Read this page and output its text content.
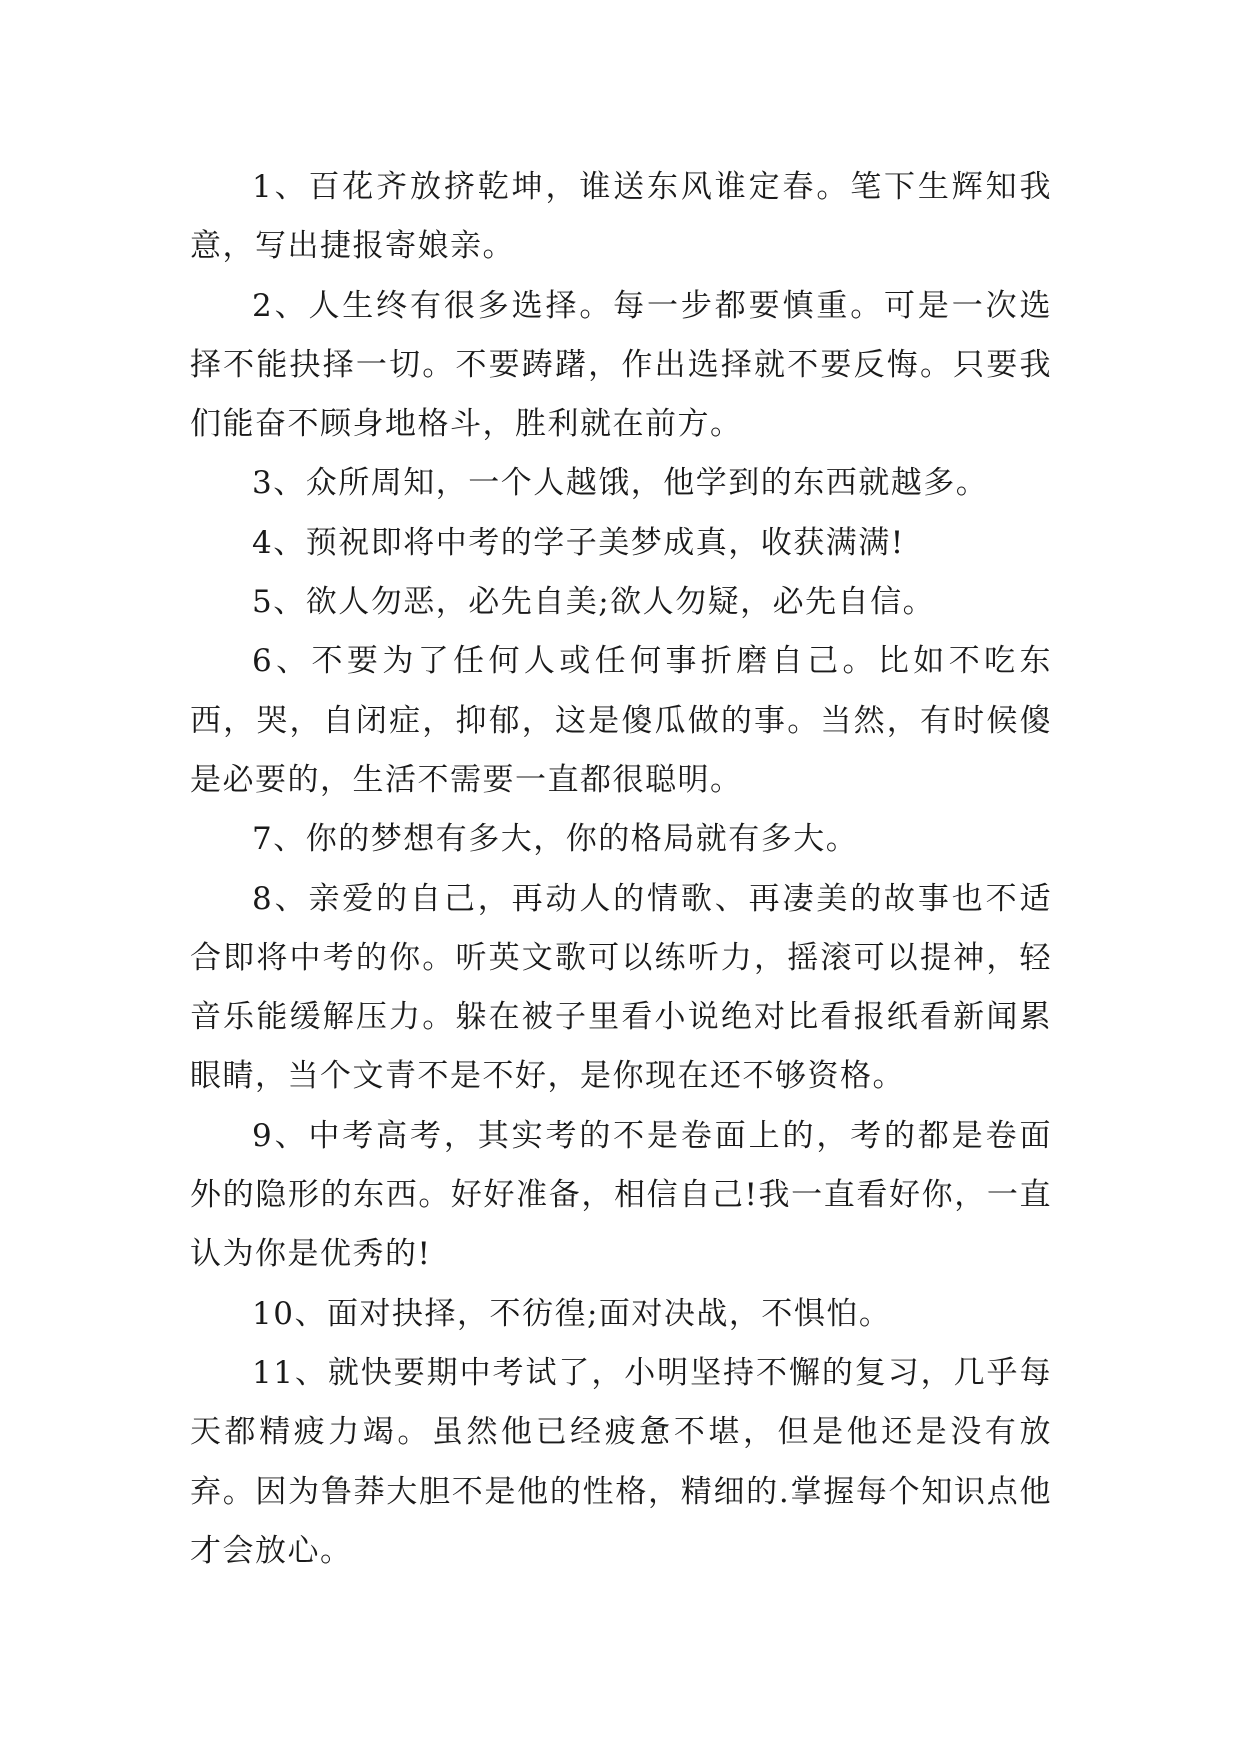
1、百花齐放挤乾坤，谁送东风谁定春。笔下生辉知我意，写出捷报寄娘亲。

2、人生终有很多选择。每一步都要慎重。可是一次选择不能抉择一切。不要踌躇，作出选择就不要反悔。只要我们能奋不顾身地格斗，胜利就在前方。

3、众所周知，一个人越饿，他学到的东西就越多。

4、预祝即将中考的学子美梦成真，收获满满!

5、欲人勿恶，必先自美;欲人勿疑，必先自信。

6、不要为了任何人或任何事折磨自己。比如不吃东西，哭，自闭症，抑郁，这是傻瓜做的事。当然，有时候傻是必要的，生活不需要一直都很聪明。

7、你的梦想有多大，你的格局就有多大。

8、亲爱的自己，再动人的情歌、再凄美的故事也不适合即将中考的你。听英文歌可以练听力，摇滚可以提神，轻音乐能缓解压力。躲在被子里看小说绝对比看报纸看新闻累眼睛，当个文青不是不好，是你现在还不够资格。

9、中考高考，其实考的不是卷面上的，考的都是卷面外的隐形的东西。好好准备，相信自己!我一直看好你，一直认为你是优秀的!

10、面对抉择，不彷徨;面对决战，不惧怕。

11、就快要期中考试了，小明坚持不懈的复习，几乎每天都精疲力竭。虽然他已经疲惫不堪，但是他还是没有放弃。因为鲁莽大胆不是他的性格，精细的.掌握每个知识点他才会放心。
